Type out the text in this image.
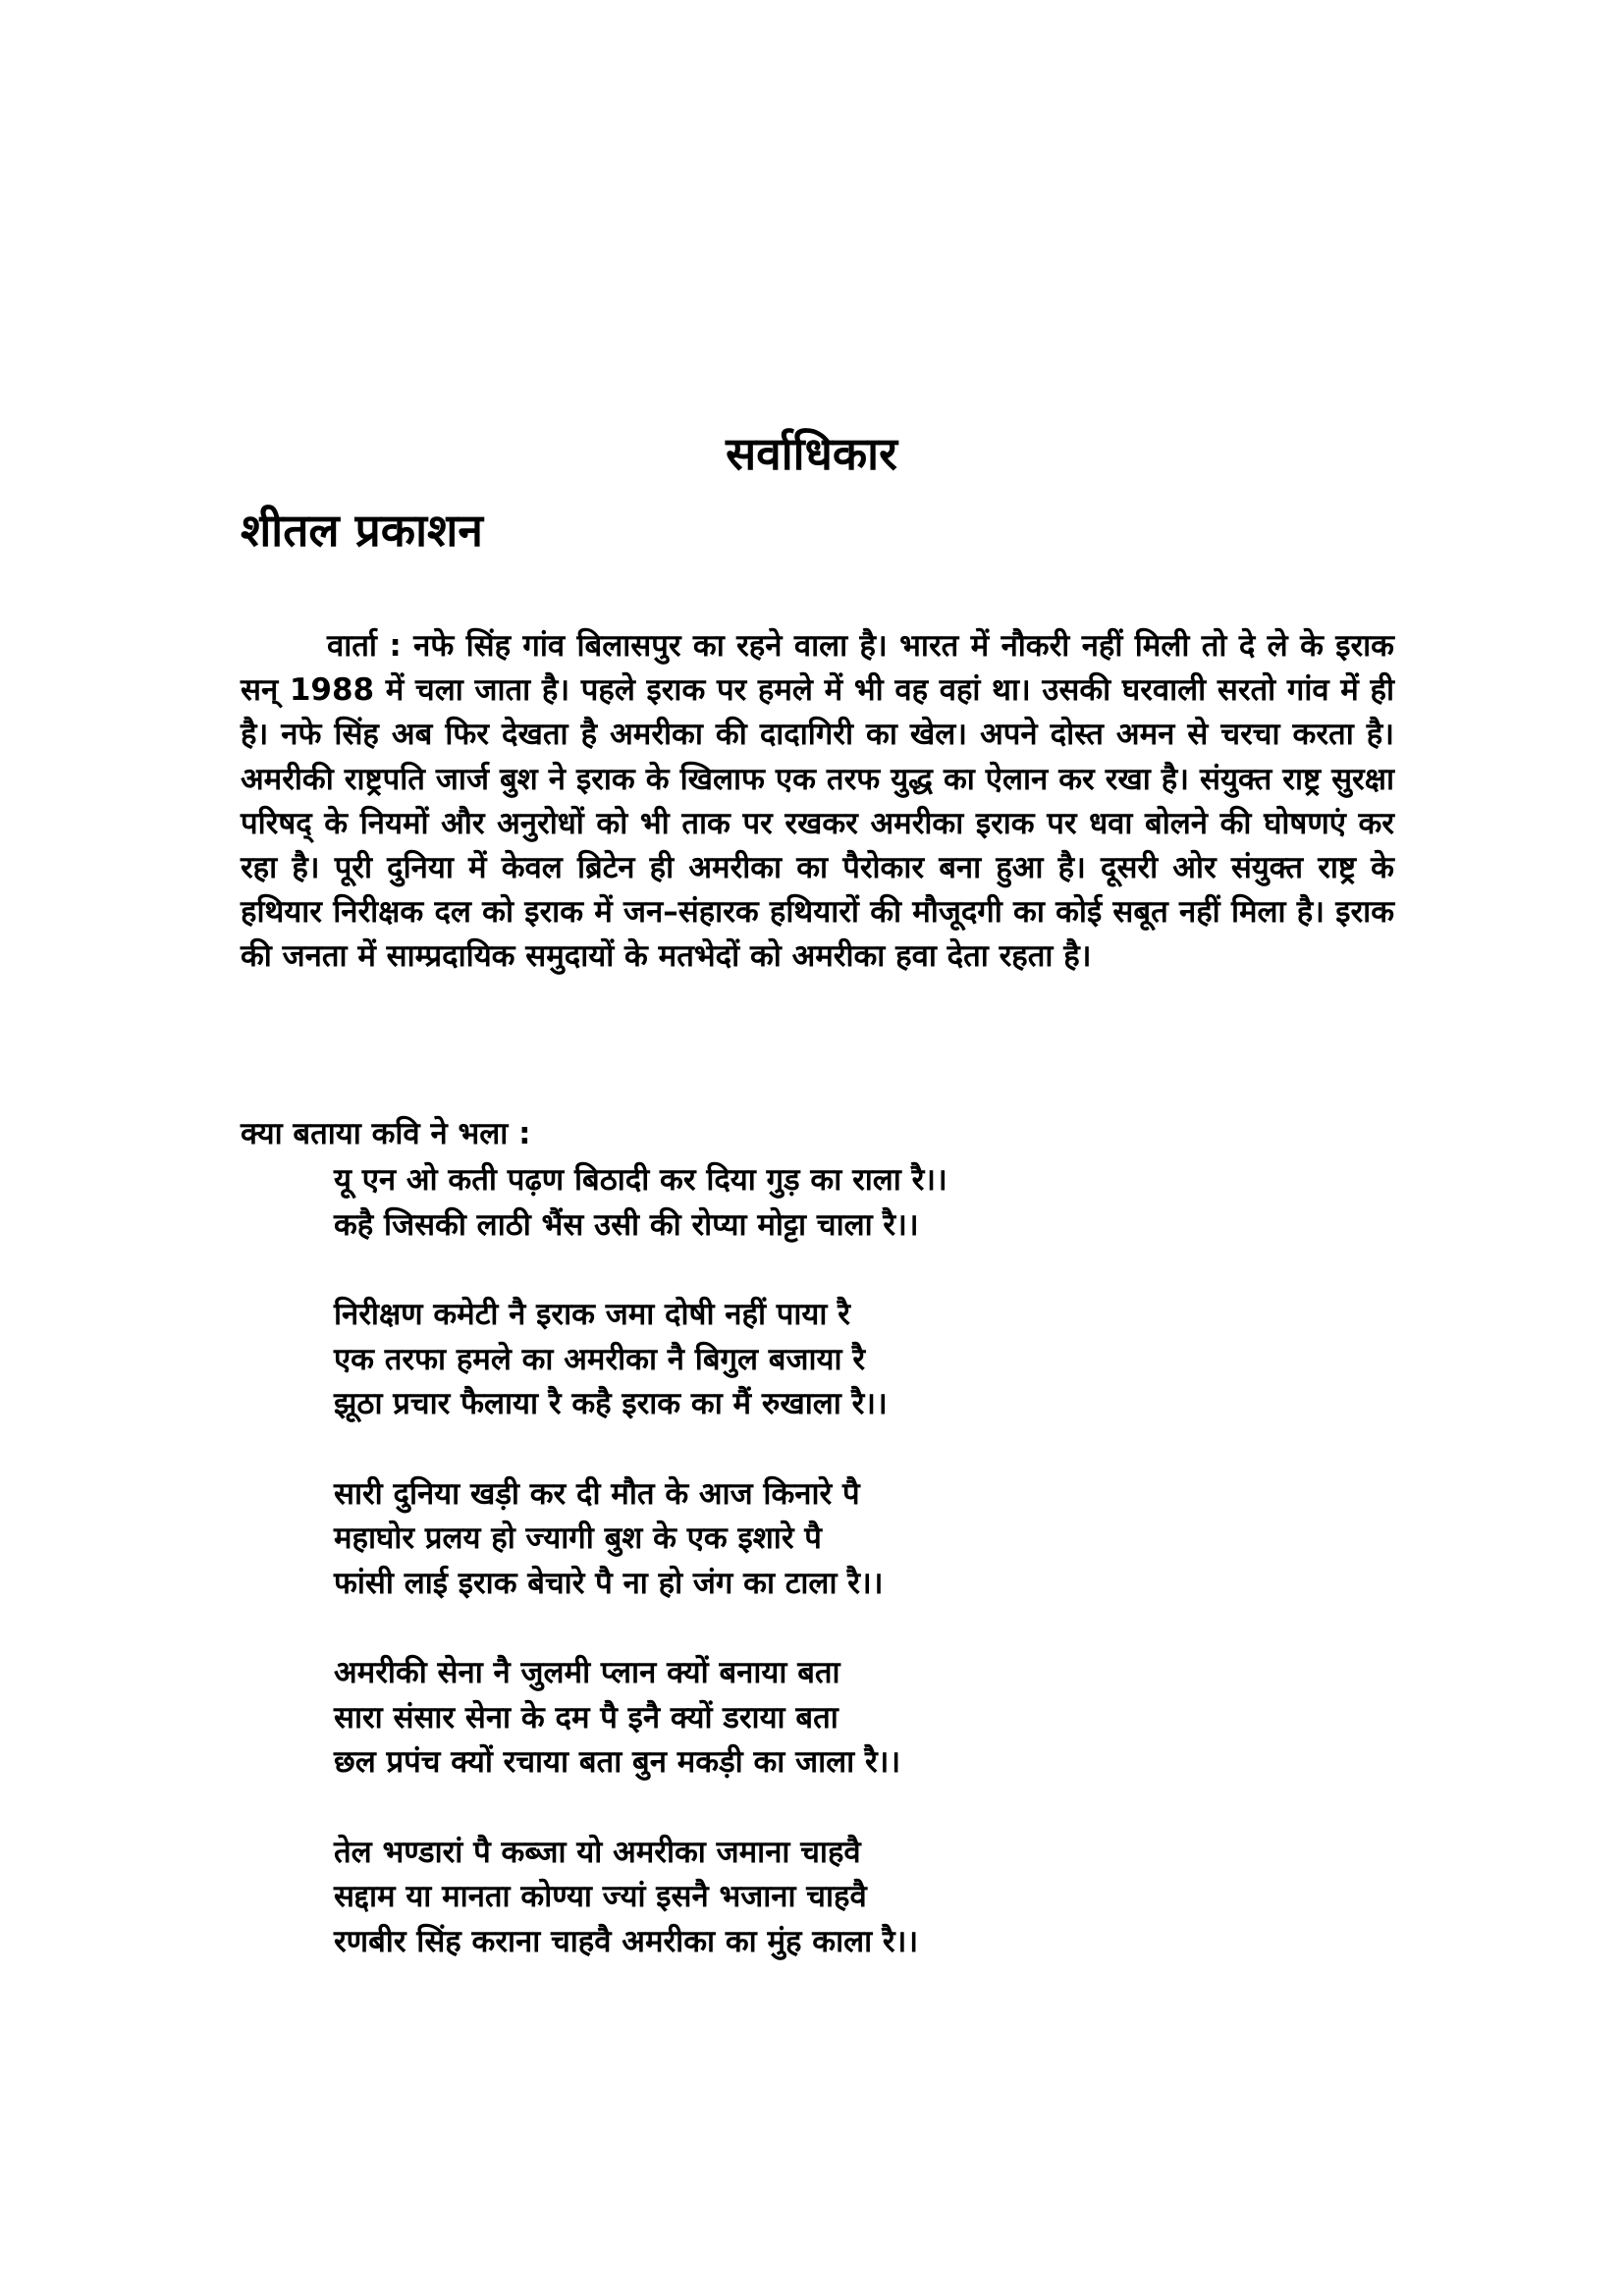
सर्वाधिकार
शीतल प्रकाशन

वार्ता : नफे सिंह गांव बिलासपुर का रहने वाला है। भारत में नौकरी नहीं मिली तो दे ले के इराक सन् 1988 में चला जाता है। पहले इराक पर हमले में भी वह वहां था। उसकी घरवाली सरतो गांव में ही है। नफे सिंह अब फिर देखता है अमरीका की दादागिरी का खेल। अपने दोस्त अमन से चरचा करता है। अमरीकी राष्ट्रपति जार्ज बुश ने इराक के खिलाफ एक तरफ युद्ध का ऐलान कर रखा है। संयुक्त राष्ट्र सुरक्षा परिषद् के नियमों और अनुरोधों को भी ताक पर रखकर अमरीका इराक पर धवा बोलने की घोषणएं कर रहा है। पूरी दुनिया में केवल ब्रिटेन ही अमरीका का पैरोकार बना हुआ है। दूसरी ओर संयुक्त राष्ट्र के हथियार निरीक्षक दल को इराक में जन–संहारक हथियारों की मौजूदगी का कोई सबूत नहीं मिला है। इराक की जनता में साम्प्रदायिक समुदायों के मतभेदों को अमरीका हवा देता रहता है।

क्या बताया कवि ने भला :

यू एन ओ कती पढ़ण बिठादी कर दिया गुड़ का राला रै।।
कहै जिसकी लाठी भैंस उसी की रोप्या मोट्टा चाला रै।।
निरीक्षण कमेटी नै इराक जमा दोषी नहीं पाया रै
एक तरफा हमले का अमरीका नै बिगुल बजाया रै
झूठा प्रचार फैलाया रै कहै इराक का मैं रुखाला रै।।
सारी दुनिया खड़ी कर दी मौत के आज किनारे पै
महाघोर प्रलय हो ज्यागी बुश के एक इशारे पै
फांसी लाई इराक बेचारे पै ना हो जंग का टाला रै।।
अमरीकी सेना नै जुलमी प्लान क्यों बनाया बता
सारा संसार सेना के दम पै इनै क्यों डराया बता
छल प्रपंच क्यों रचाया बता बुन मकड़ी का जाला रै।।
तेल भण्डारां पै कब्जा यो अमरीका जमाना चाहवै
सद्दाम या मानता कोण्या ज्यां इसनै भजाना चाहवै
रणबीर सिंह कराना चाहवै अमरीका का मुंह काला रै।।
